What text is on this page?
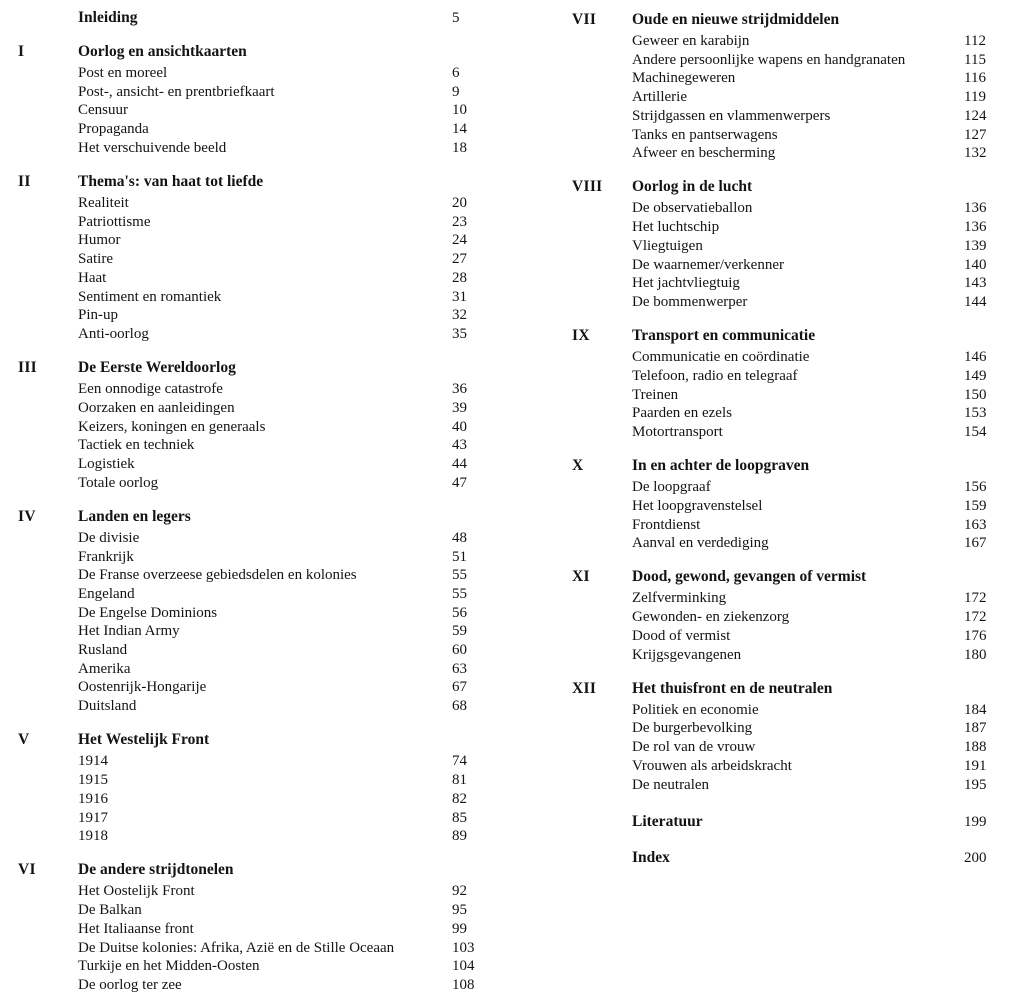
Inleiding	5
I	Oorlog en ansichtkaarten
Post en moreel	6
Post-, ansicht- en prentbriefkaart	9
Censuur	10
Propaganda	14
Het verschuivende beeld	18
II	Thema's: van haat tot liefde
Realiteit	20
Patriottisme	23
Humor	24
Satire	27
Haat	28
Sentiment en romantiek	31
Pin-up	32
Anti-oorlog	35
III	De Eerste Wereldoorlog
Een onnodige catastrofe	36
Oorzaken en aanleidingen	39
Keizers, koningen en generaals	40
Tactiek en techniek	43
Logistiek	44
Totale oorlog	47
IV	Landen en legers
De divisie	48
Frankrijk	51
De Franse overzeese gebiedsdelen en kolonies	55
Engeland	55
De Engelse Dominions	56
Het Indian Army	59
Rusland	60
Amerika	63
Oostenrijk-Hongarije	67
Duitsland	68
V	Het Westelijk Front
1914	74
1915	81
1916	82
1917	85
1918	89
VI	De andere strijdtonelen
Het Oostelijk Front	92
De Balkan	95
Het Italiaanse front	99
De Duitse kolonies: Afrika, Azië en de Stille Oceaan	103
Turkije en het Midden-Oosten	104
De oorlog ter zee	108
VII	Oude en nieuwe strijdmiddelen
Geweer en karabijn	112
Andere persoonlijke wapens en handgranaten	115
Machinegeweren	116
Artillerie	119
Strijdgassen en vlammenwerpers	124
Tanks en pantserwagens	127
Afweer en bescherming	132
VIII	Oorlog in de lucht
De observatieballon	136
Het luchtschip	136
Vliegtuigen	139
De waarnemer/verkenner	140
Het jachtvliegtuig	143
De bommenwerper	144
IX	Transport en communicatie
Communicatie en coördinatie	146
Telefoon, radio en telegraaf	149
Treinen	150
Paarden en ezels	153
Motortransport	154
X	In en achter de loopgraven
De loopgraaf	156
Het loopgravenstelsel	159
Frontdienst	163
Aanval en verdediging	167
XI	Dood, gewond, gevangen of vermist
Zelfverminking	172
Gewonden- en ziekenzorg	172
Dood of vermist	176
Krijgsgevangenen	180
XII	Het thuisfront en de neutralen
Politiek en economie	184
De burgerbevolking	187
De rol van de vrouw	188
Vrouwen als arbeidskracht	191
De neutralen	195
Literatuur	199
Index	200
